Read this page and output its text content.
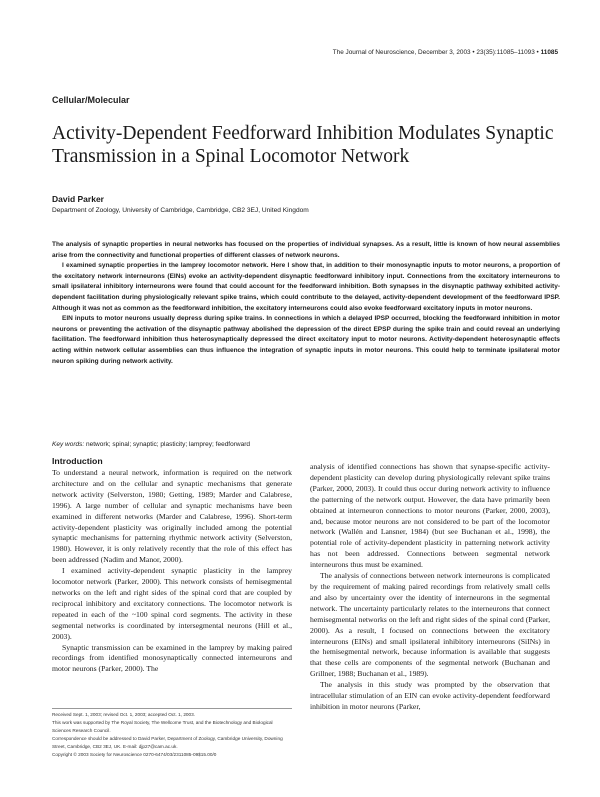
The Journal of Neuroscience, December 3, 2003 • 23(35):11085–11093 • 11085
Cellular/Molecular
Activity-Dependent Feedforward Inhibition Modulates Synaptic Transmission in a Spinal Locomotor Network
David Parker
Department of Zoology, University of Cambridge, Cambridge, CB2 3EJ, United Kingdom

The analysis of synaptic properties in neural networks has focused on the properties of individual synapses. As a result, little is known of how neural assemblies arise from the connectivity and functional properties of different classes of network neurons.

I examined synaptic properties in the lamprey locomotor network. Here I show that, in addition to their monosynaptic inputs to motor neurons, a proportion of the excitatory network interneurons (EINs) evoke an activity-dependent disynaptic feedforward inhibitory input. Connections from the excitatory interneurons to small ipsilateral inhibitory interneurons were found that could account for the feedforward inhibition. Both synapses in the disynaptic pathway exhibited activity-dependent facilitation during physiologically relevant spike trains, which could contribute to the delayed, activity-dependent development of the feedforward IPSP. Although it was not as common as the feedforward inhibition, the excitatory interneurons could also evoke feedforward excitatory inputs in motor neurons.

EIN inputs to motor neurons usually depress during spike trains. In connections in which a delayed IPSP occurred, blocking the feedforward inhibition in motor neurons or preventing the activation of the disynaptic pathway abolished the depression of the direct EPSP during the spike train and could reveal an underlying facilitation. The feedforward inhibition thus heterosynaptically depressed the direct excitatory input to motor neurons. Activity-dependent heterosynaptic effects acting within network cellular assemblies can thus influence the integration of synaptic inputs in motor neurons. This could help to terminate ipsilateral motor neuron spiking during network activity.

Key words: network; spinal; synaptic; plasticity; lamprey; feedforward
Introduction

To understand a neural network, information is required on the network architecture and on the cellular and synaptic mechanisms that generate network activity (Selverston, 1980; Getting, 1989; Marder and Calabrese, 1996). A large number of cellular and synaptic mechanisms have been examined in different networks (Marder and Calabrese, 1996). Short-term activity-dependent plasticity was originally included among the potential synaptic mechanisms for patterning rhythmic network activity (Selverston, 1980). However, it is only relatively recently that the role of this effect has been addressed (Nadim and Manor, 2000).

I examined activity-dependent synaptic plasticity in the lamprey locomotor network (Parker, 2000). This network consists of hemisegmental networks on the left and right sides of the spinal cord that are coupled by reciprocal inhibitory and excitatory connections. The locomotor network is repeated in each of the ~100 spinal cord segments. The activity in these segmental networks is coordinated by intersegmental neurons (Hill et al., 2003).

Synaptic transmission can be examined in the lamprey by making paired recordings from identified monosynaptically connected interneurons and motor neurons (Parker, 2000). The

Received Sept. 1, 2003; revised Oct. 1, 2003; accepted Oct. 1, 2003.

This work was supported by The Royal Society, The Wellcome Trust, and the Biotechnology and Biological Sciences Research Council.

Correspondence should be addressed to David Parker, Department of Zoology, Cambridge University, Downing Street, Cambridge, CB2 3EJ, UK. E-mail: djp27@cam.ac.uk.

Copyright © 2003 Society for Neuroscience 0270-6474/03/2311085-09$15.00/0

analysis of identified connections has shown that synapse-specific activity-dependent plasticity can develop during physiologically relevant spike trains (Parker, 2000, 2003). It could thus occur during network activity to influence the patterning of the network output. However, the data have primarily been obtained at interneuron connections to motor neurons (Parker, 2000, 2003), and, because motor neurons are not considered to be part of the locomotor network (Wallén and Lansner, 1984) (but see Buchanan et al., 1998), the potential role of activity-dependent plasticity in patterning network activity has not been addressed. Connections between segmental network interneurons thus must be examined.

The analysis of connections between network interneurons is complicated by the requirement of making paired recordings from relatively small cells and also by uncertainty over the identity of interneurons in the segmental network. The uncertainty particularly relates to the interneurons that connect hemisegmental networks on the left and right sides of the spinal cord (Parker, 2000). As a result, I focused on connections between the excitatory interneurons (EINs) and small ipsilateral inhibitory interneurons (SiINs) in the hemisegmental network, because information is available that suggests that these cells are components of the segmental network (Buchanan and Grillner, 1988; Buchanan et al., 1989).

The analysis in this study was prompted by the observation that intracellular stimulation of an EIN can evoke activity-dependent feedforward inhibition in motor neurons (Parker,
